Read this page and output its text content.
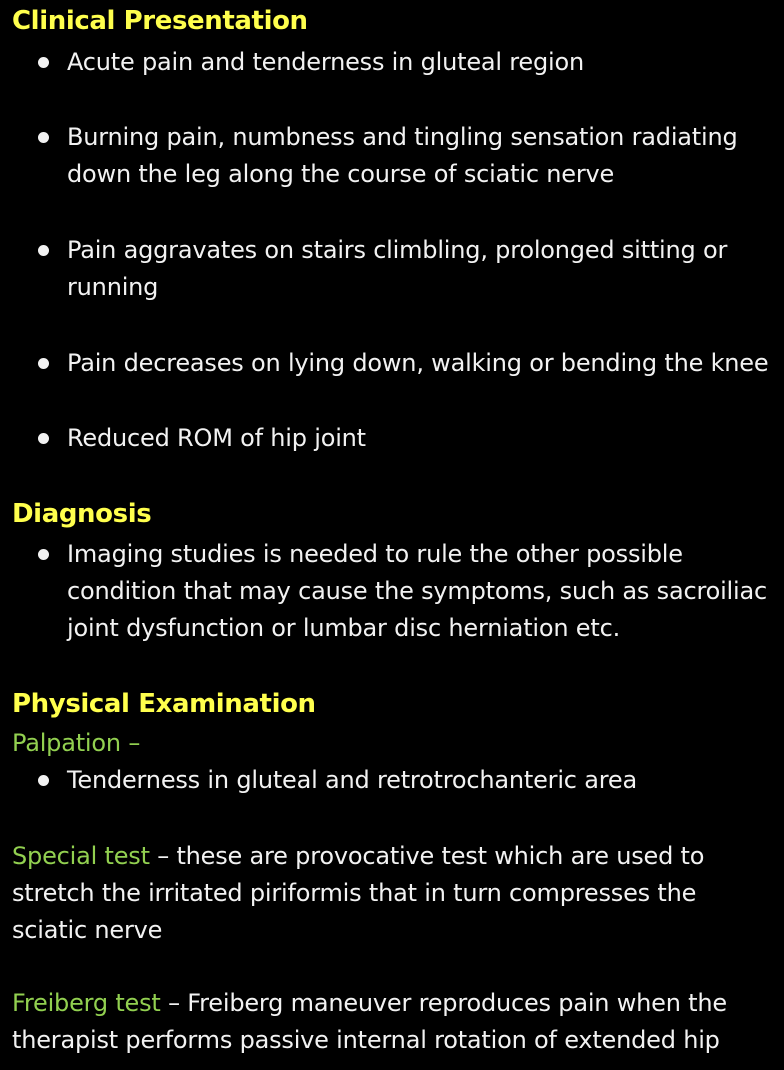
Clinical Presentation
Acute pain and tenderness in gluteal region
Burning pain, numbness and tingling sensation radiating
down the leg along the course of sciatic nerve
Pain aggravates on stairs climbling, prolonged sitting or
running
Pain decreases on lying down, walking or bending the knee
Reduced ROM of hip joint
Diagnosis
Imaging studies is needed to rule the other possible
condition that may cause the symptoms, such as sacroiliac
joint dysfunction or lumbar disc herniation etc.
Physical Examination
Palpation –
Tenderness in gluteal and retrotrochanteric area
Special test – these are provocative test which are used to
stretch the irritated piriformis that in turn compresses the
sciatic nerve
Freiberg test – Freiberg maneuver reproduces pain when the
therapist performs passive internal rotation of extended hip
